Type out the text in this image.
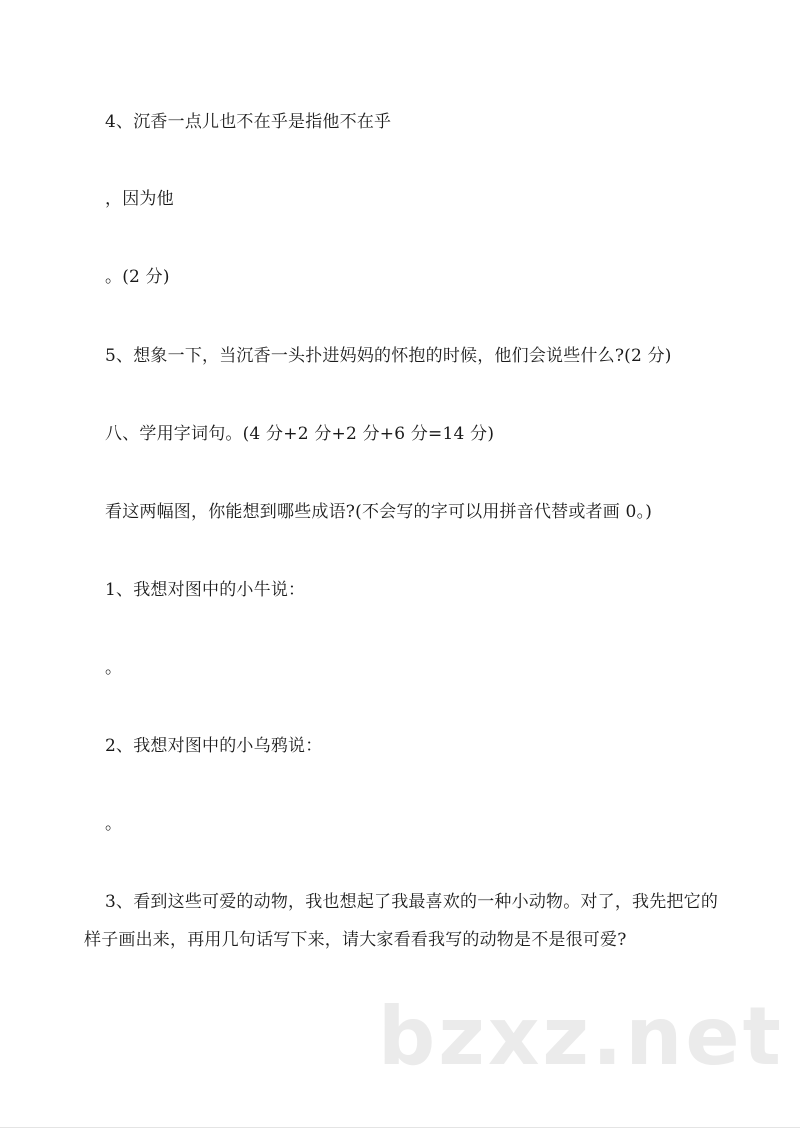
4、沉香一点儿也不在乎是指他不在乎
，因为他
。(2 分)
5、想象一下，当沉香一头扑进妈妈的怀抱的时候，他们会说些什么?(2 分)
八、学用字词句。(4 分+2 分+2 分+6 分=14 分)
看这两幅图，你能想到哪些成语?(不会写的字可以用拼音代替或者画 0。)
1、我想对图中的小牛说：
。
2、我想对图中的小乌鸦说：
。
3、看到这些可爱的动物，我也想起了我最喜欢的一种小动物。对了，我先把它的样子画出来，再用几句话写下来，请大家看看我写的动物是不是很可爱?
bzxz.net
